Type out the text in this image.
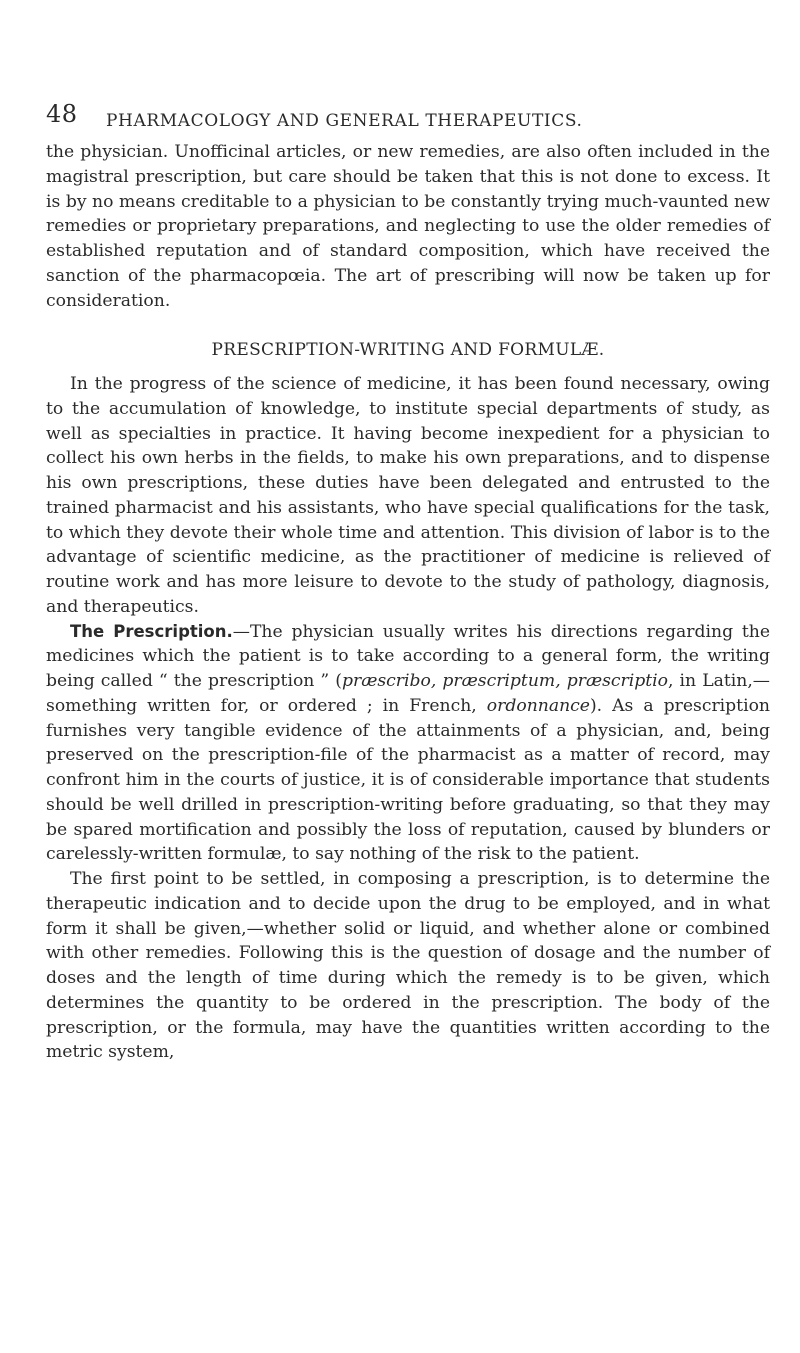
48 PHARMACOLOGY AND GENERAL THERAPEUTICS.

the physician. Unofficinal articles, or new remedies, are also often included in the magistral prescription, but care should be taken that this is not done to excess. It is by no means creditable to a physician to be constantly trying much-vaunted new remedies or proprietary preparations, and neglecting to use the older remedies of established reputation and of standard composition, which have received the sanction of the pharmacopœia. The art of prescribing will now be taken up for consideration.

PRESCRIPTION-WRITING AND FORMULÆ.

In the progress of the science of medicine, it has been found necessary, owing to the accumulation of knowledge, to institute special departments of study, as well as specialties in practice. It having become inexpedient for a physician to collect his own herbs in the fields, to make his own preparations, and to dispense his own prescriptions, these duties have been delegated and entrusted to the trained pharmacist and his assistants, who have special qualifications for the task, to which they devote their whole time and attention. This division of labor is to the advantage of scientific medicine, as the practitioner of medicine is relieved of routine work and has more leisure to devote to the study of pathology, diagnosis, and therapeutics.

The Prescription.—The physician usually writes his directions regarding the medicines which the patient is to take according to a general form, the writing being called “ the prescription ” (præscribo, præscriptum, præscriptio, in Latin,—something written for, or ordered ; in French, ordonnance). As a prescription furnishes very tangible evidence of the attainments of a physician, and, being preserved on the prescription-file of the pharmacist as a matter of record, may confront him in the courts of justice, it is of considerable importance that students should be well drilled in prescription-writing before graduating, so that they may be spared mortification and possibly the loss of reputation, caused by blunders or carelessly-written formulæ, to say nothing of the risk to the patient.

The first point to be settled, in composing a prescription, is to determine the therapeutic indication and to decide upon the drug to be employed, and in what form it shall be given,—whether solid or liquid, and whether alone or combined with other remedies. Following this is the question of dosage and the number of doses and the length of time during which the remedy is to be given, which determines the quantity to be ordered in the prescription. The body of the prescription, or the formula, may have the quantities written according to the metric system,
